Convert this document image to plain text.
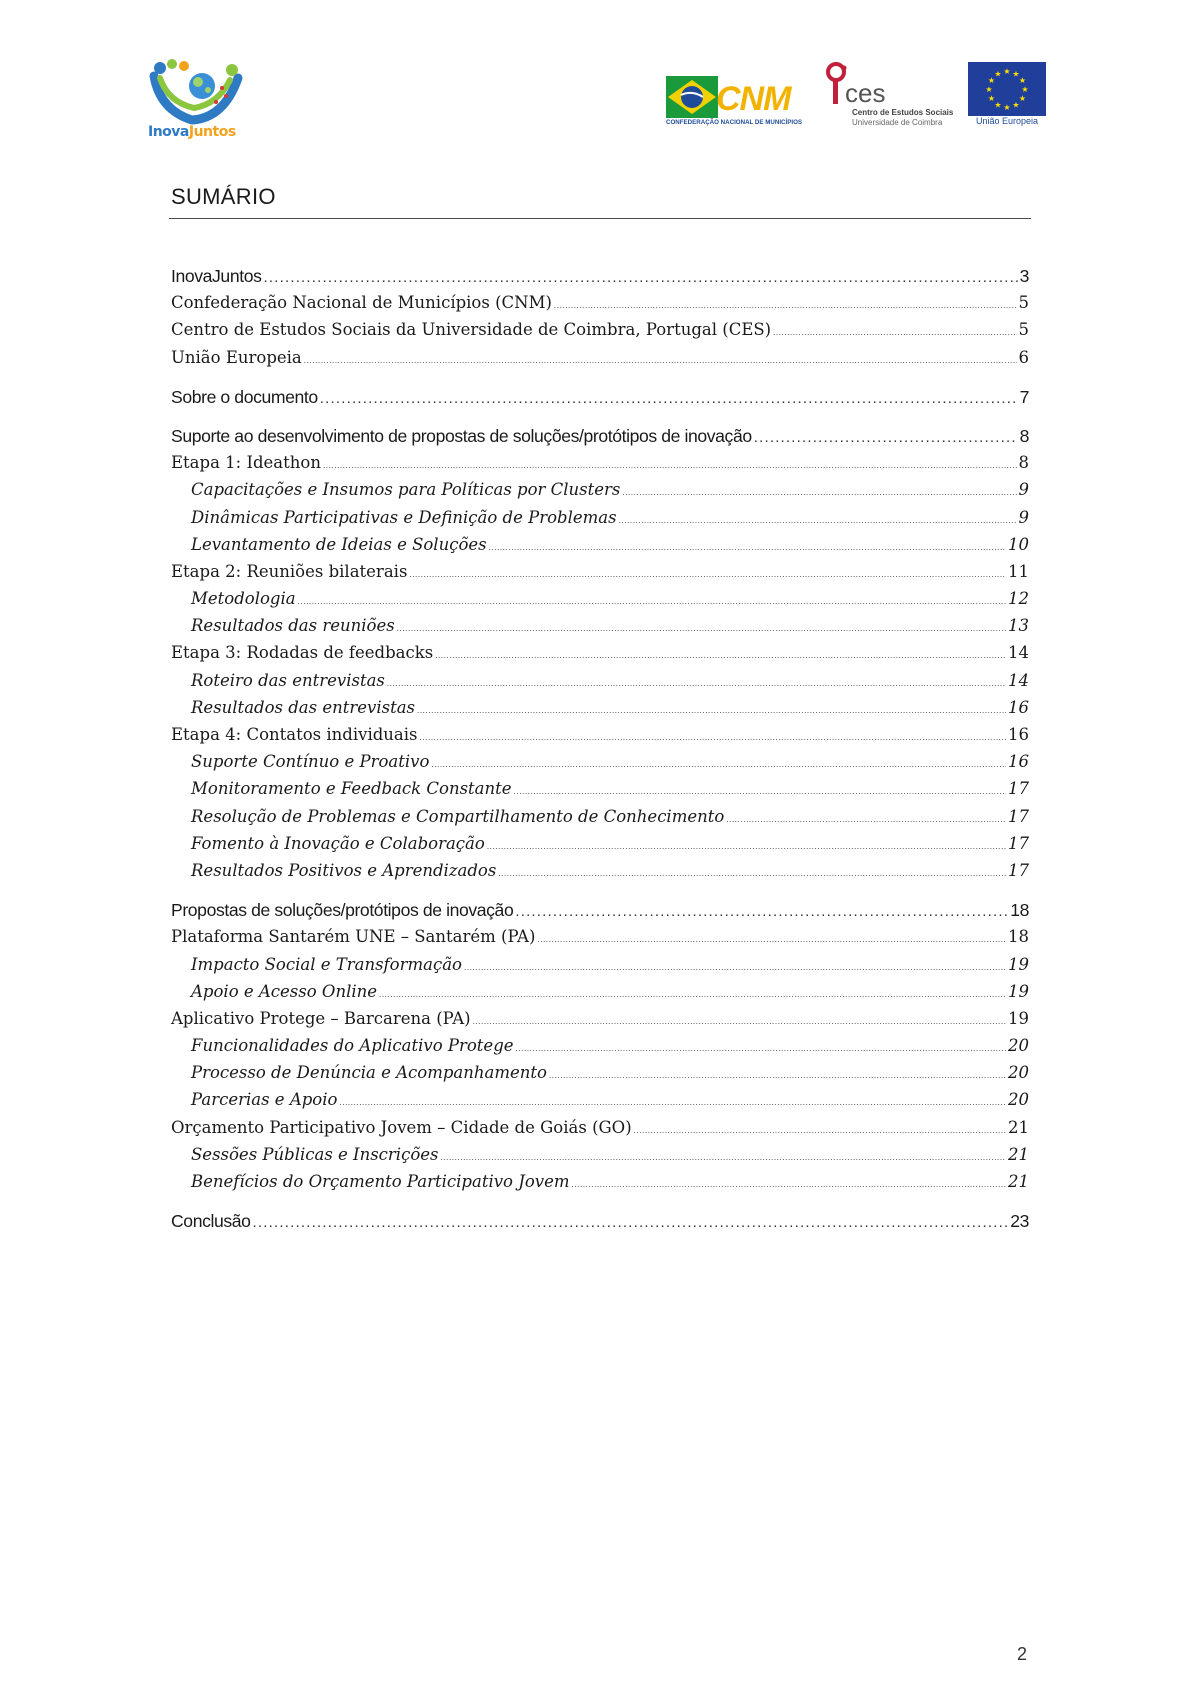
InovaJuntos
CNM
CONFEDERAÇÃO NACIONAL DE MUNICÍPIOS
ces
Centro de Estudos Sociais
Universidade de Coimbra
★ ★
★
★
★
★
★
★
★
★
★
★
União Europeia
SUMÁRIO
InovaJuntos .....	3
Confederação Nacional de Municípios (CNM) .....	5
Centro de Estudos Sociais da Universidade de Coimbra, Portugal (CES) .....	5
União Europeia .....	6
Sobre o documento .....	7
Suporte ao desenvolvimento de propostas de soluções/protótipos de inovação .....	8
Etapa 1: Ideathon .....	8
Capacitações e Insumos para Políticas por Clusters .....	9
Dinâmicas Participativas e Definição de Problemas .....	9
Levantamento de Ideias e Soluções .....	10
Etapa 2: Reuniões bilaterais .....	11
Metodologia .....	12
Resultados das reuniões .....	13
Etapa 3: Rodadas de feedbacks .....	14
Roteiro das entrevistas .....	14
Resultados das entrevistas .....	16
Etapa 4: Contatos individuais .....	16
Suporte Contínuo e Proativo .....	16
Monitoramento e Feedback Constante .....	17
Resolução de Problemas e Compartilhamento de Conhecimento .....	17
Fomento à Inovação e Colaboração .....	17
Resultados Positivos e Aprendizados .....	17
Propostas de soluções/protótipos de inovação .....	18
Plataforma Santarém UNE – Santarém (PA) .....	18
Impacto Social e Transformação .....	19
Apoio e Acesso Online .....	19
Aplicativo Protege – Barcarena (PA) .....	19
Funcionalidades do Aplicativo Protege .....	20
Processo de Denúncia e Acompanhamento .....	20
Parcerias e Apoio .....	20
Orçamento Participativo Jovem – Cidade de Goiás (GO) .....	21
Sessões Públicas e Inscrições .....	21
Benefícios do Orçamento Participativo Jovem .....	21
Conclusão .....	23
2
